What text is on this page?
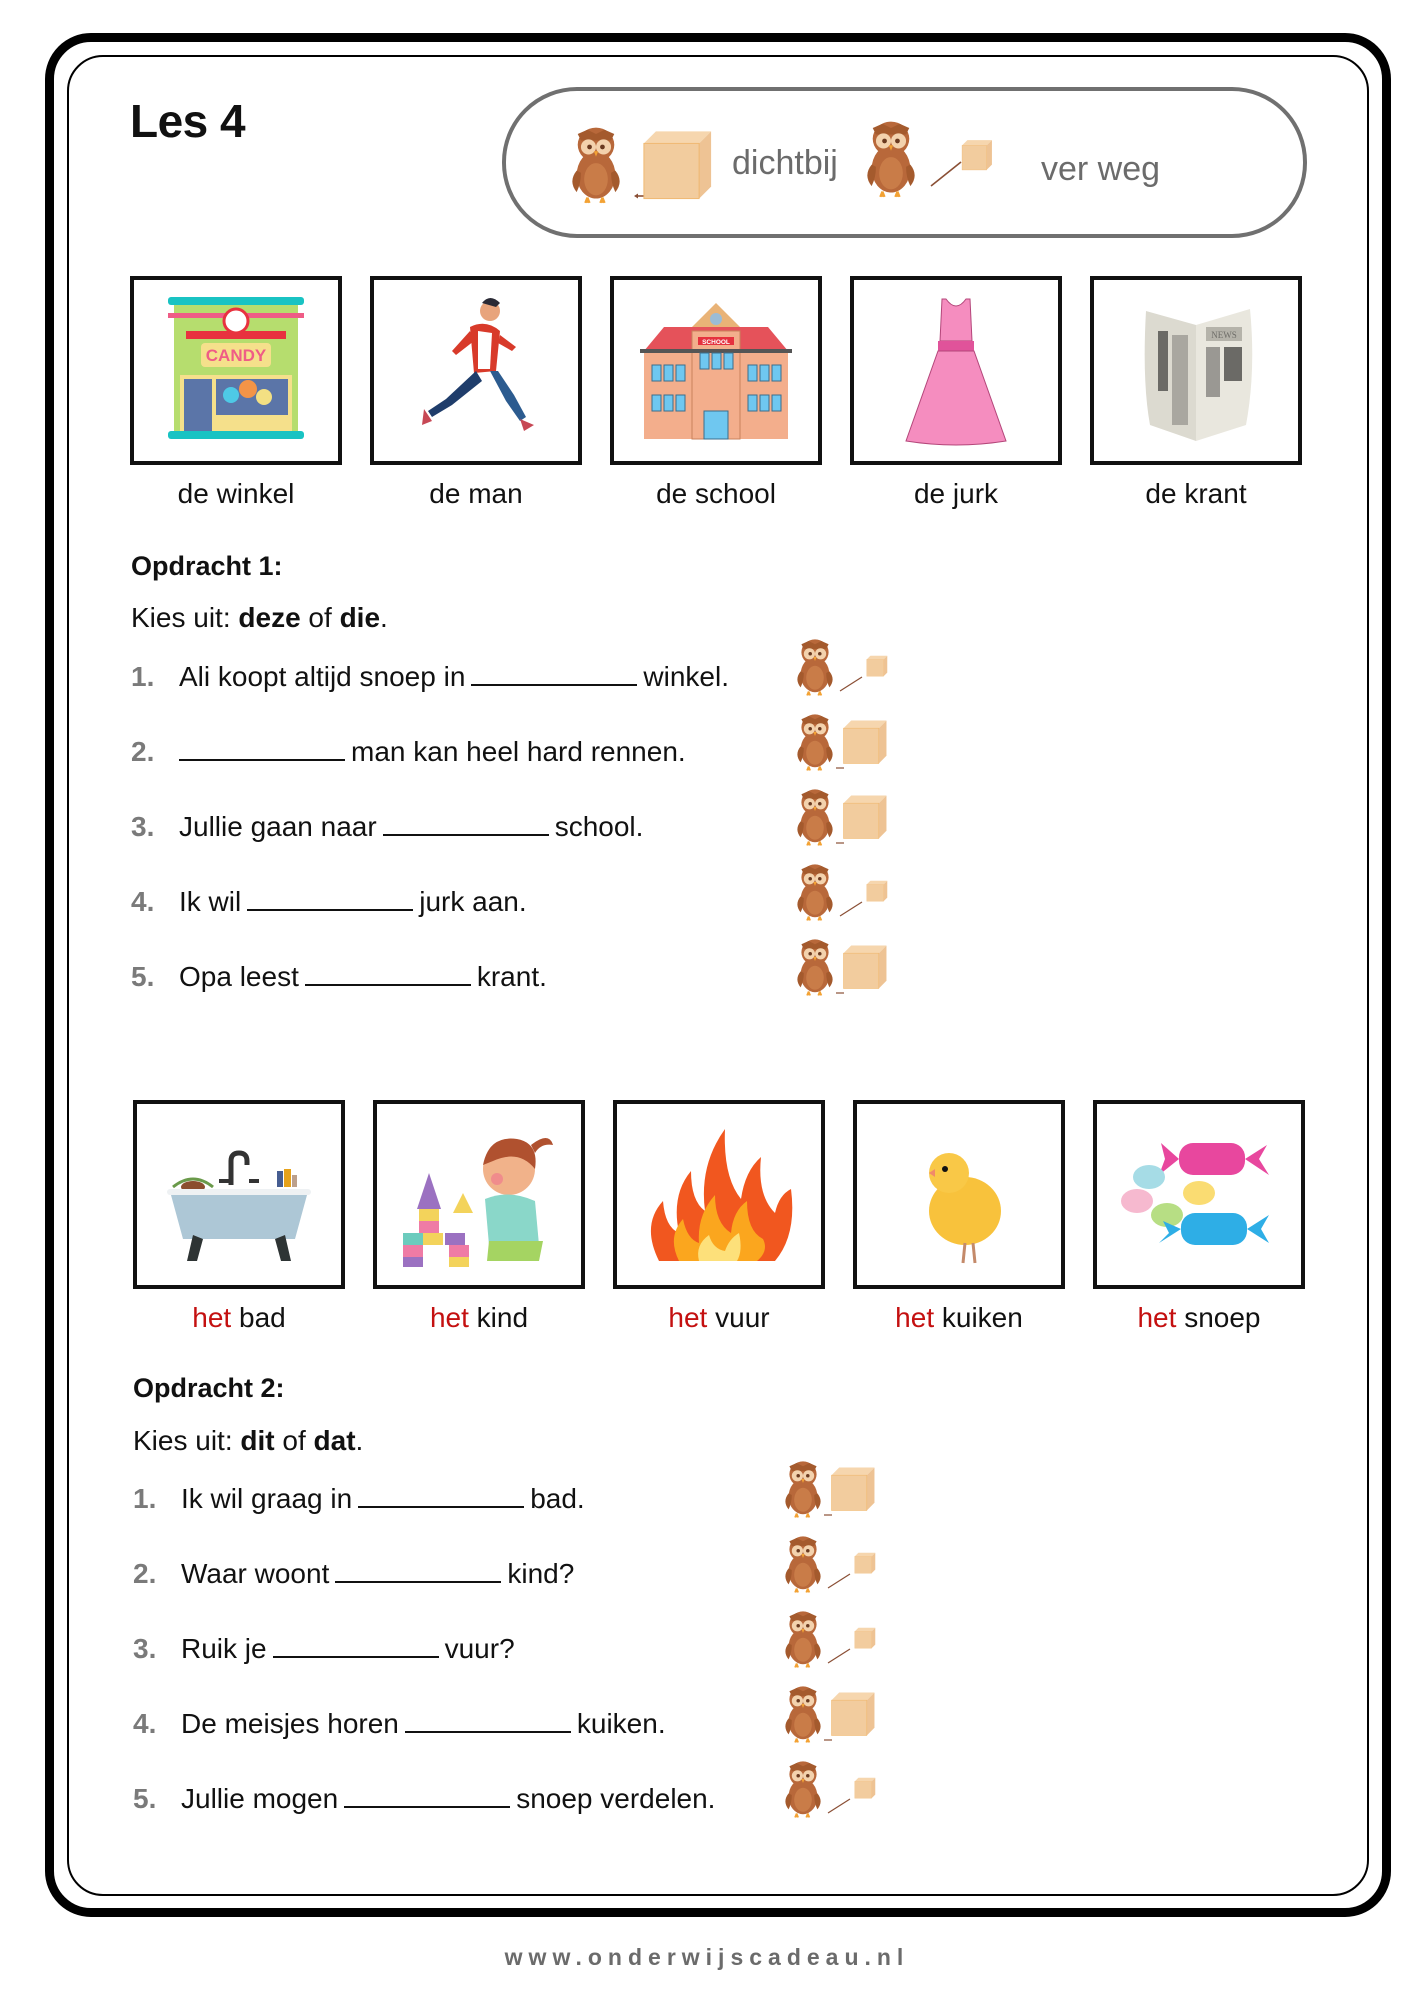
Les 4
dichtbij	ver weg
CANDY
de winkel	de man
SCHOOL
de school	de jurk
NEWS
de krant
Opdracht 1:
Kies uit: deze of die.
1. Ali koopt altijd snoep in	winkel.
2.	man kan heel hard rennen.
3. Jullie gaan naar	school.
4. Ik wil	jurk aan.
5. Opa leest	krant.
het bad	het kind	het vuur	het kuiken	het snoep
Opdracht 2:
Kies uit: dit of dat.
1. Ik wil graag in	bad.
2. Waar woont	kind?
3. Ruik je	vuur?
4. De meisjes horen	kuiken.
5. Jullie mogen	snoep verdelen.
www.onderwijscadeau.nl
